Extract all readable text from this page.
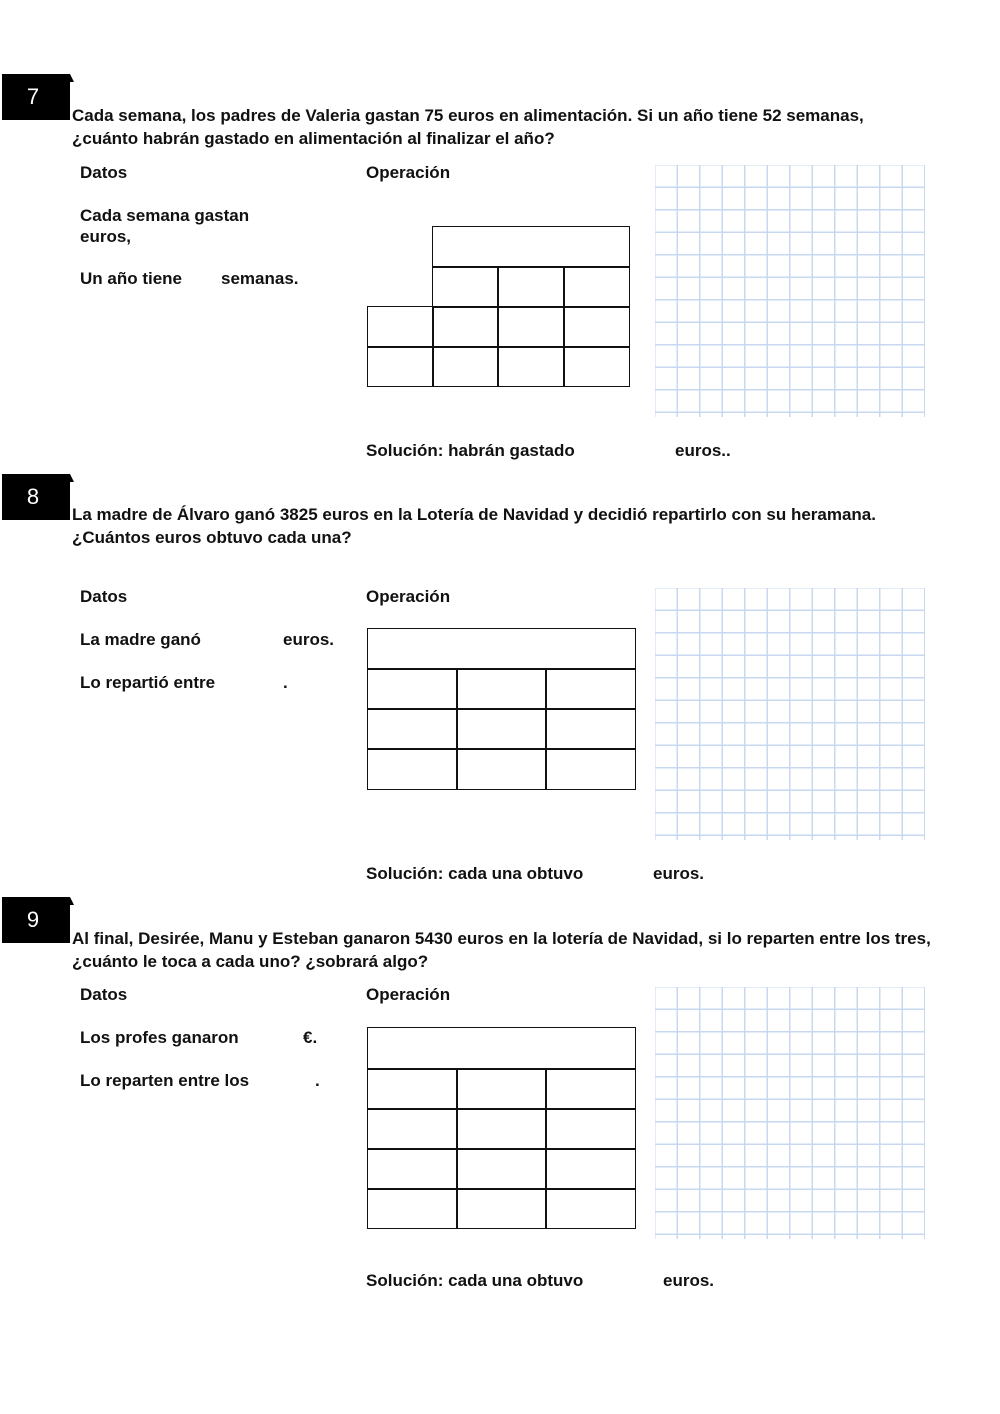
7
Cada semana, los padres de Valeria gastan 75 euros en alimentación. Si un año tiene 52 semanas, ¿cuánto habrán gastado en alimentación al finalizar el año?
Datos	Operación
Cada semana gastan
euros,
Un año tiene semanas.
Solución: habrán gastado	euros..
8
La madre de Álvaro ganó 3825 euros en la Lotería de Navidad y decidió repartirlo con su heramana. ¿Cuántos euros obtuvo cada una?
Datos	Operación
La madre ganó	euros.
Lo repartió entre	.
Solución: cada una obtuvo	euros.
9
Al final, Desirée, Manu y Esteban ganaron 5430 euros en la lotería de Navidad, si lo reparten entre los tres, ¿cuánto le toca a cada uno? ¿sobrará algo?
Datos	Operación
Los profes ganaron	€.
Lo reparten entre los	.
Solución: cada una obtuvo	euros.
